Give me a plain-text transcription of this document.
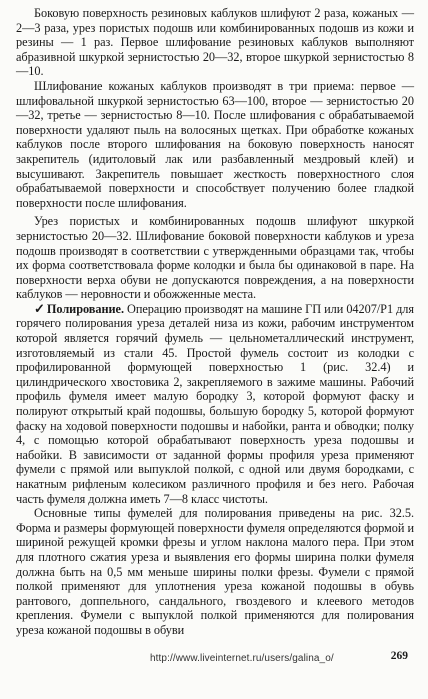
Боковую поверхность резиновых каблуков шлифуют 2 раза, кожаных — 2—3 раза, урез пористых подошв или комбинированных подошв из кожи и резины — 1 раз. Первое шлифование резиновых каблуков выполняют абразивной шкуркой зернистостью 20—32, второе шкуркой зернистостью 8—10.

Шлифование кожаных каблуков производят в три приема: первое — шлифовальной шкуркой зернистостью 63—100, второе — зернистостью 20—32, третье — зернистостью 8—10. После шлифования с обрабатываемой поверхности удаляют пыль на волосяных щетках. При обработке кожаных каблуков после второго шлифования на боковую поверхность наносят закрепитель (идитоловый лак или разбавленный мездровый клей) и высушивают. Закрепитель повышает жесткость поверхностного слоя обрабатываемой поверхности и способствует получению более гладкой поверхности после шлифования.

Урез пористых и комбинированных подошв шлифуют шкуркой зернистостью 20—32. Шлифование боковой поверхности каблуков и уреза подошв производят в соответствии с утвержденными образцами так, чтобы их форма соответствовала форме колодки и была бы одинаковой в паре. На поверхности верха обуви не допускаются повреждения, а на поверхности каблуков — неровности и обожженные места.

✓ Полирование. Операцию производят на машине ГП или 04207/Р1 для горячего полирования уреза деталей низа из кожи, рабочим инструментом которой является горячий фумель — цельнометаллический инструмент, изготовляемый из стали 45. Простой фумель состоит из колодки с профилированной формующей поверхностью 1 (рис. 32.4) и цилиндрического хвостовика 2, закрепляемого в зажиме машины. Рабочий профиль фумеля имеет малую бородку 3, которой формуют фаску и полируют открытый край подошвы, большую бородку 5, которой формуют фаску на ходовой поверхности подошвы и набойки, ранта и обводки; полку 4, с помощью которой обрабатывают поверхность уреза подошвы и набойки. В зависимости от заданной формы профиля уреза применяют фумели с прямой или выпуклой полкой, с одной или двумя бородками, с накатным рифленым колесиком различного профиля и без него. Рабочая часть фумеля должна иметь 7—8 класс чистоты.

Основные типы фумелей для полирования приведены на рис. 32.5. Форма и размеры формующей поверхности фумеля определяются формой и шириной режущей кромки фрезы и углом наклона малого пера. При этом для плотного сжатия уреза и выявления его формы ширина полки фумеля должна быть на 0,5 мм меньше ширины полки фрезы. Фумели с прямой полкой применяют для уплотнения уреза кожаной подошвы в обувь рантового, доппельного, сандального, гвоздевого и клеевого методов крепления. Фумели с выпуклой полкой применяются для полирования уреза кожаной подошвы в обуви

http://www.liveinternet.ru/users/galina_o/	269
